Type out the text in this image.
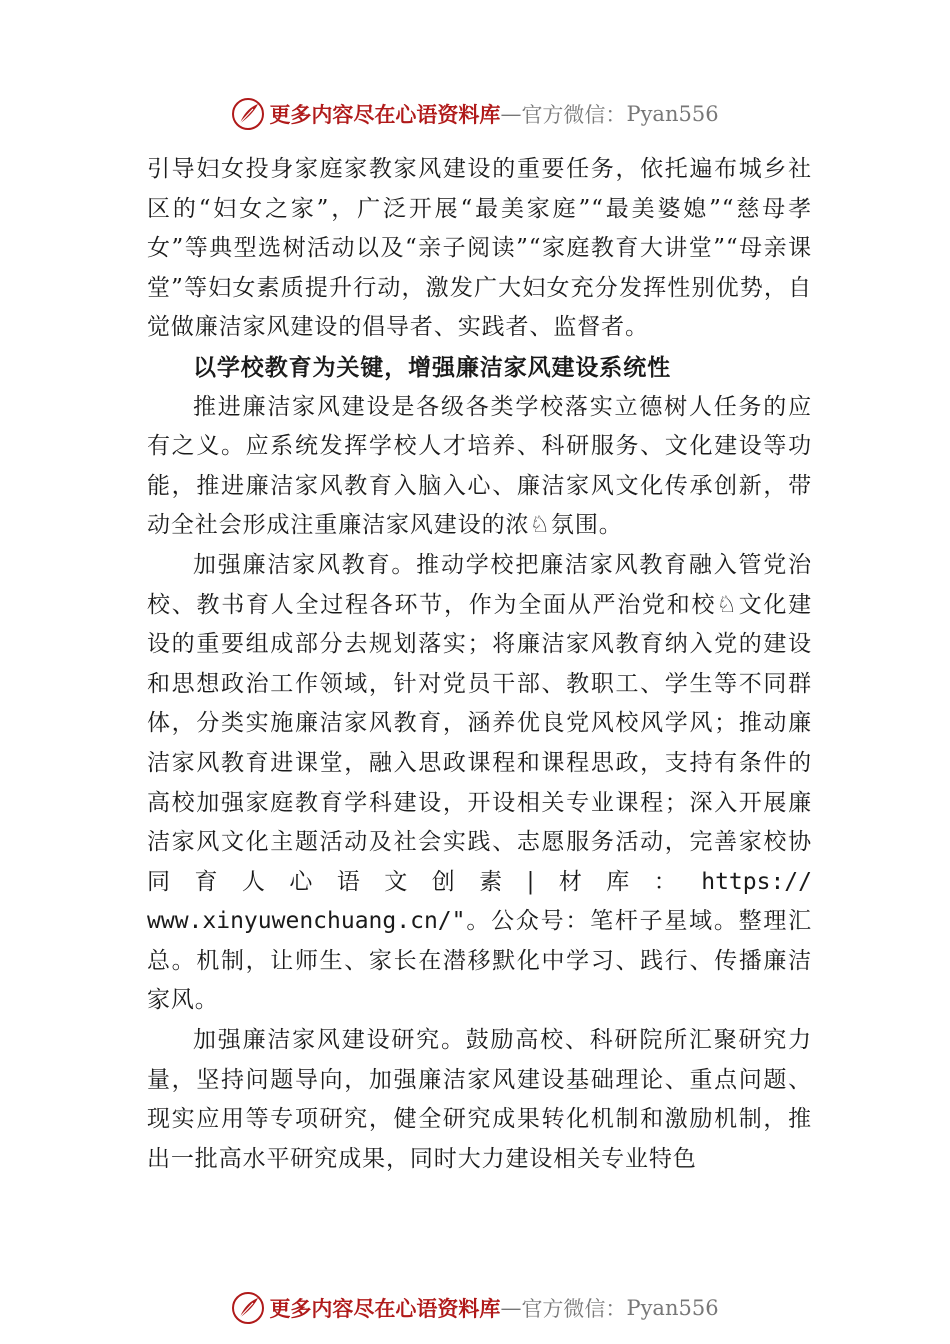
更多内容尽在心语资料库 — 官方微信： Pyan556

引导妇女投身家庭家教家风建设的重要任务，依托遍布城乡社区的“妇女之家”，广泛开展“最美家庭”“最美婆媳”“慈母孝女”等典型选树活动以及“亲子阅读”“家庭教育大讲堂”“母亲课堂”等妇女素质提升行动，激发广大妇女充分发挥性别优势，自觉做廉洁家风建设的倡导者、实践者、监督者。

以学校教育为关键，增强廉洁家风建设系统性

推进廉洁家风建设是各级各类学校落实立德树人任务的应有之义。应系统发挥学校人才培养、科研服务、文化建设等功能，推进廉洁家风教育入脑入心、廉洁家风文化传承创新，带动全社会形成注重廉洁家风建设的浓♘氛围。

加强廉洁家风教育。推动学校把廉洁家风教育融入管党治校、教书育人全过程各环节，作为全面从严治党和校♘文化建设的重要组成部分去规划落实；将廉洁家风教育纳入党的建设和思想政治工作领域，针对党员干部、教职工、学生等不同群体，分类实施廉洁家风教育，涵养优良党风校风学风；推动廉洁家风教育进课堂，融入思政课程和课程思政，支持有条件的高校加强家庭教育学科建设，开设相关专业课程；深入开展廉洁家风文化主题活动及社会实践、志愿服务活动，完善家校协同育人心语文创素|材库：https:// www.xinyuwenchuang.cn/"。公众号：笔杆子星域。整理汇总。机制，让师生、家长在潜移默化中学习、践行、传播廉洁家风。

加强廉洁家风建设研究。鼓励高校、科研院所汇聚研究力量，坚持问题导向，加强廉洁家风建设基础理论、重点问题、现实应用等专项研究，健全研究成果转化机制和激励机制，推出一批高水平研究成果，同时大力建设相关专业特色

更多内容尽在心语资料库 — 官方微信： Pyan556
